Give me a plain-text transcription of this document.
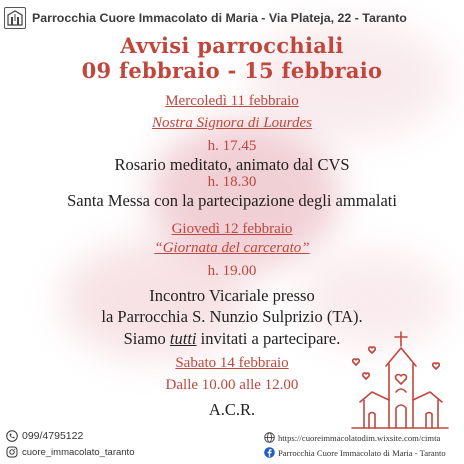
Parrocchia Cuore Immacolato di Maria - Via Plateja, 22 - Taranto
Avvisi parrocchiali
09 febbraio - 15 febbraio
Mercoledì 11 febbraio
Nostra Signora di Lourdes
h. 17.45
Rosario meditato, animato dal CVS
h. 18.30
Santa Messa con la partecipazione degli ammalati
Giovedì 12 febbraio
“Giornata del carcerato”
h. 19.00
Incontro Vicariale presso
la Parrocchia S. Nunzio Sulprizio (TA).
Siamo tutti invitati a partecipare.
Sabato 14 febbraio
Dalle 10.00 alle 12.00
A.C.R.
099/4795122
cuore_immacolato_taranto
https://cuoreimmacolatodim.wixsite.com/cimta
Parrocchia Cuore Immacolato di Maria - Taranto
